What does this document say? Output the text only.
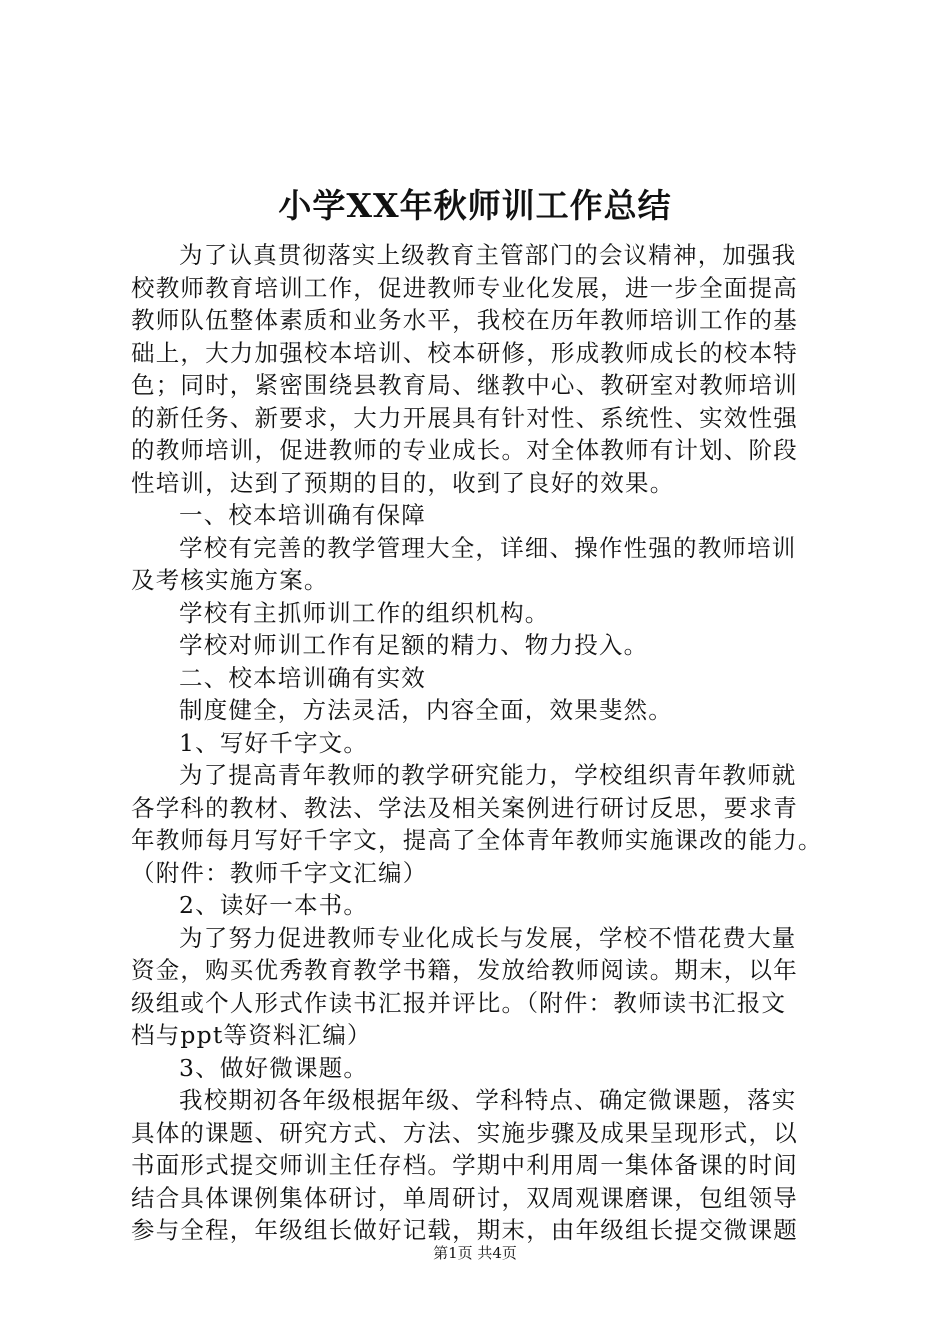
小学XX年秋师训工作总结
为了认真贯彻落实上级教育主管部门的会议精神，加强我
校教师教育培训工作，促进教师专业化发展，进一步全面提高
教师队伍整体素质和业务水平，我校在历年教师培训工作的基
础上，大力加强校本培训、校本研修，形成教师成长的校本特
色；同时，紧密围绕县教育局、继教中心、教研室对教师培训
的新任务、新要求，大力开展具有针对性、系统性、实效性强
的教师培训，促进教师的专业成长。对全体教师有计划、阶段
性培训，达到了预期的目的，收到了良好的效果。
一、校本培训确有保障
学校有完善的教学管理大全，详细、操作性强的教师培训
及考核实施方案。
学校有主抓师训工作的组织机构。
学校对师训工作有足额的精力、物力投入。
二、校本培训确有实效
制度健全，方法灵活，内容全面，效果斐然。
1、写好千字文。
为了提高青年教师的教学研究能力，学校组织青年教师就
各学科的教材、教法、学法及相关案例进行研讨反思，要求青
年教师每月写好千字文，提高了全体青年教师实施课改的能力。
（附件：教师千字文汇编）
2、读好一本书。
为了努力促进教师专业化成长与发展，学校不惜花费大量
资金，购买优秀教育教学书籍，发放给教师阅读。期末，以年
级组或个人形式作读书汇报并评比。（附件：教师读书汇报文
档与ppt等资料汇编）
3、做好微课题。
我校期初各年级根据年级、学科特点、确定微课题，落实
具体的课题、研究方式、方法、实施步骤及成果呈现形式，以
书面形式提交师训主任存档。学期中利用周一集体备课的时间
结合具体课例集体研讨，单周研讨，双周观课磨课，包组领导
参与全程，年级组长做好记载，期末，由年级组长提交微课题
第1页 共4页
